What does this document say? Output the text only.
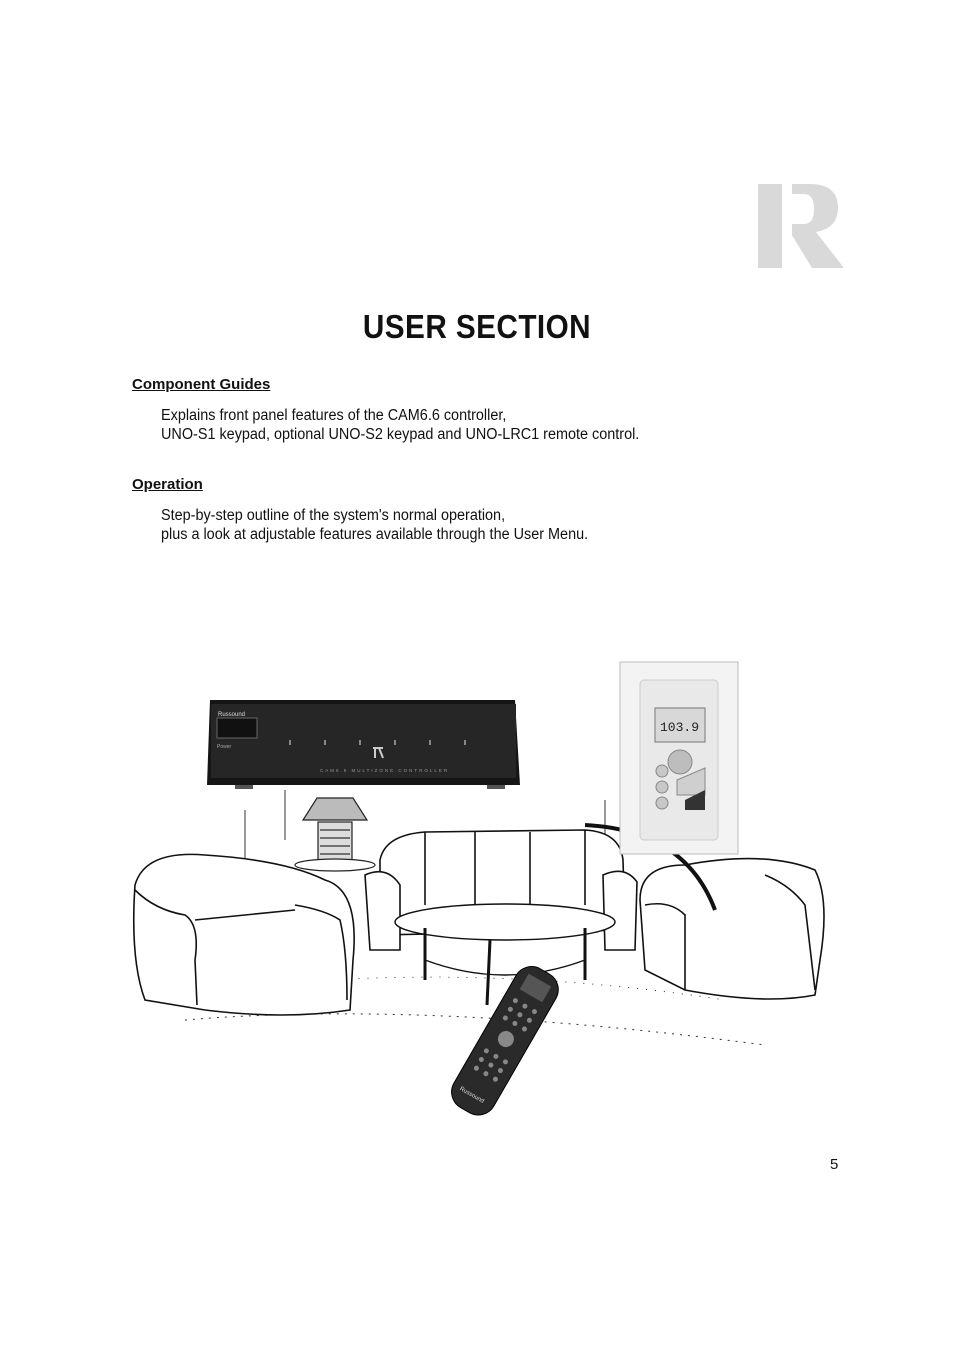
USER SECTION
Component Guides
Explains front panel features of the CAM6.6 controller,
UNO-S1 keypad, optional UNO-S2 keypad and UNO-LRC1 remote control.
Operation
Step-by-step outline of the system's normal operation,
plus a look at adjustable features available through the User Menu.
Russound
Power
CAM6.6 MULTIZONE CONTROLLER
103.9
Russound
5
